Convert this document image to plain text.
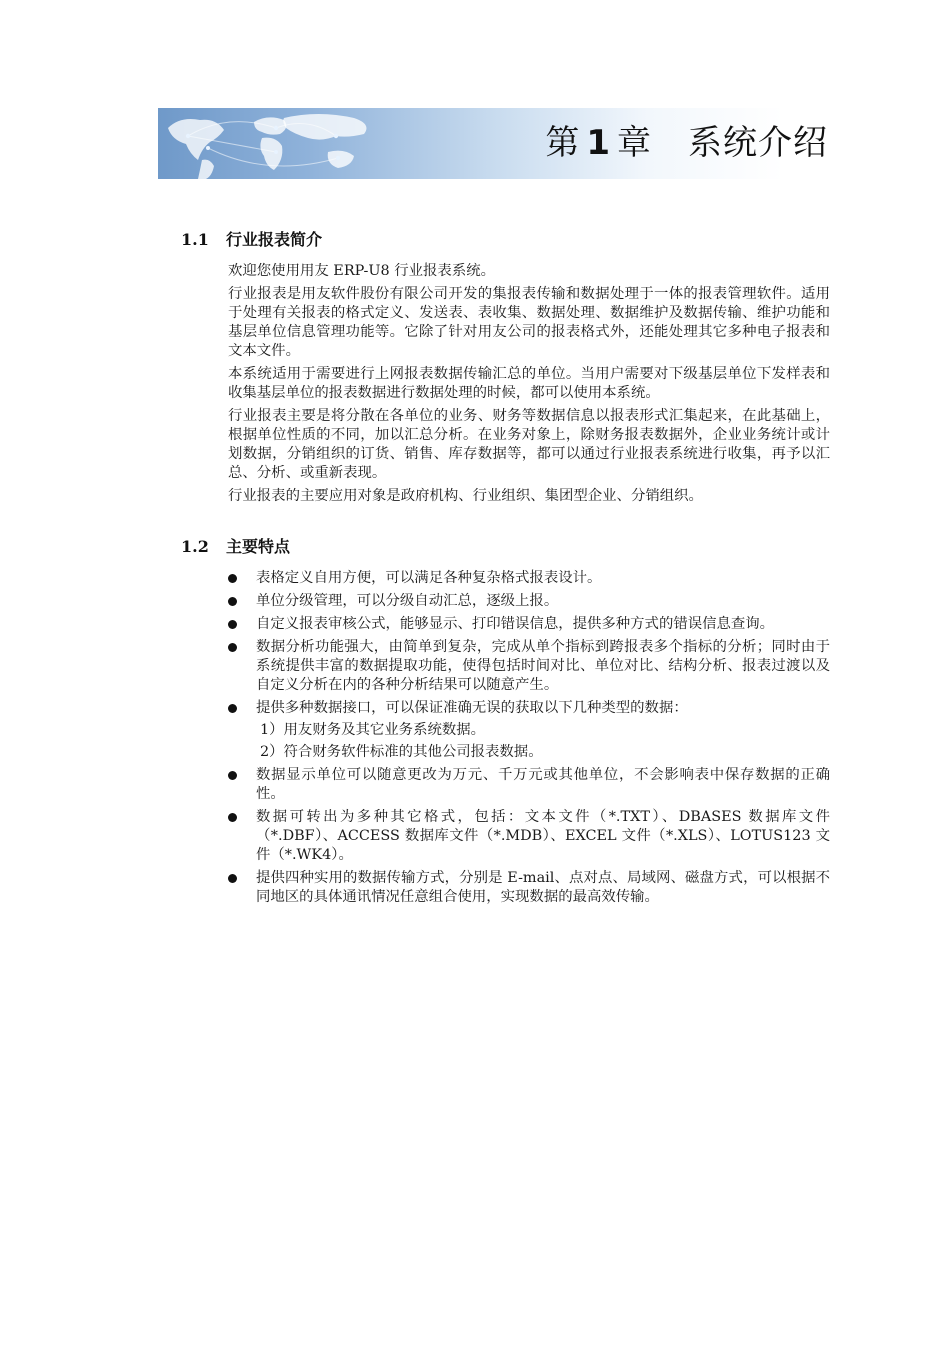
第 1 章 系统介绍
1.1 行业报表简介

欢迎您使用用友 ERP-U8 行业报表系统。

行业报表是用友软件股份有限公司开发的集报表传输和数据处理于一体的报表管理软件。适用于处理有关报表的格式定义、发送表、表收集、数据处理、数据维护及数据传输、维护功能和基层单位信息管理功能等。它除了针对用友公司的报表格式外，还能处理其它多种电子报表和文本文件。

本系统适用于需要进行上网报表数据传输汇总的单位。当用户需要对下级基层单位下发样表和收集基层单位的报表数据进行数据处理的时候，都可以使用本系统。

行业报表主要是将分散在各单位的业务、财务等数据信息以报表形式汇集起来，在此基础上，根据单位性质的不同，加以汇总分析。在业务对象上，除财务报表数据外，企业业务统计或计划数据，分销组织的订货、销售、库存数据等，都可以通过行业报表系统进行收集，再予以汇总、分析、或重新表现。

行业报表的主要应用对象是政府机构、行业组织、集团型企业、分销组织。

1.2 主要特点
表格定义自用方便，可以满足各种复杂格式报表设计。
单位分级管理，可以分级自动汇总，逐级上报。
自定义报表审核公式，能够显示、打印错误信息，提供多种方式的错误信息查询。
数据分析功能强大，由简单到复杂，完成从单个指标到跨报表多个指标的分析；同时由于系统提供丰富的数据提取功能，使得包括时间对比、单位对比、结构分析、报表过渡以及自定义分析在内的各种分析结果可以随意产生。
提供多种数据接口，可以保证准确无误的获取以下几种类型的数据：
1）用友财务及其它业务系统数据。
2）符合财务软件标准的其他公司报表数据。
数据显示单位可以随意更改为万元、千万元或其他单位，不会影响表中保存数据的正确性。
数据可转出为多种其它格式，包括：文本文件（*.TXT）、DBASES 数据库文件（*.DBF）、ACCESS 数据库文件（*.MDB）、EXCEL 文件（*.XLS）、LOTUS123 文件（*.WK4）。
提供四种实用的数据传输方式，分别是 E-mail、点对点、局域网、磁盘方式，可以根据不同地区的具体通讯情况任意组合使用，实现数据的最高效传输。
